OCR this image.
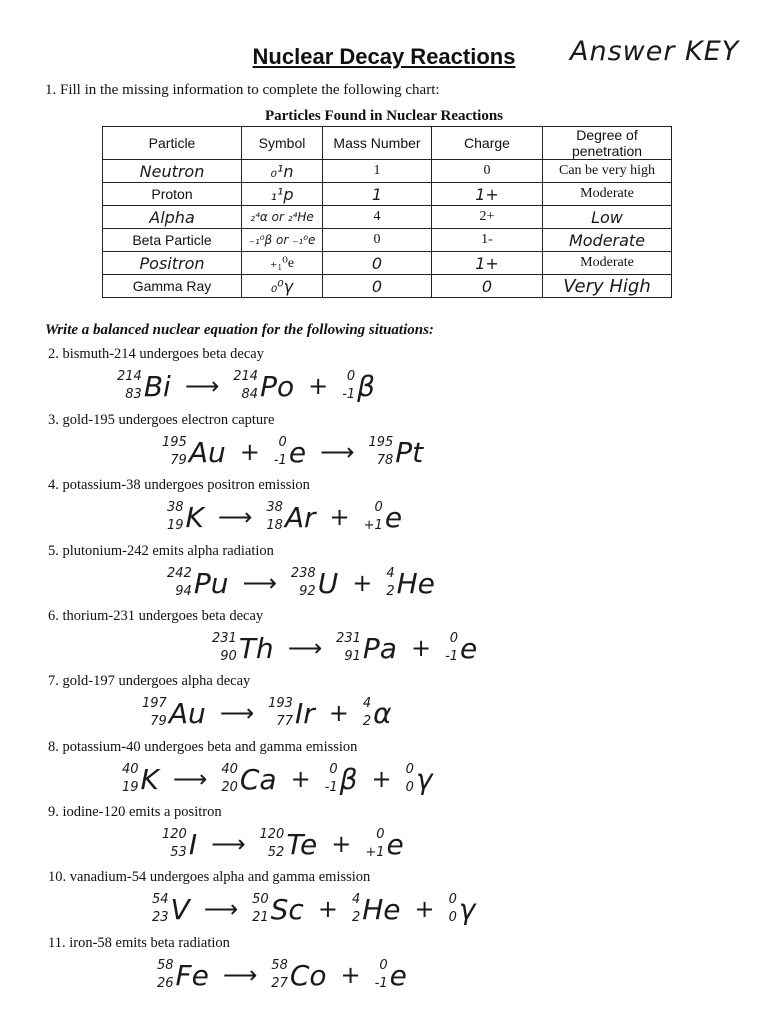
Nuclear Decay Reactions	Answer KEY
1. Fill in the missing information to complete the following chart:
Particles Found in Nuclear Reactions
Particle	Symbol	Mass Number	Charge	Degree of penetration
Neutron	₀¹n	1	0	Can be very high
Proton	₁¹p	1	1+	Moderate
Alpha	₂⁴α or ₂⁴He	4	2+	Low
Beta Particle	₋₁⁰β or ₋₁⁰e	0	1-	Moderate
Positron	₊₁⁰e	0	1+	Moderate
Gamma Ray	₀⁰γ	0	0	Very High
Write a balanced nuclear equation for the following situations:
2. bismuth-214 undergoes beta decay
214
83 Bi ⟶ 214
84 Po + 0
-1 β
3. gold-195 undergoes electron capture
195
79 Au + 0
-1 e ⟶ 195
78 Pt
4. potassium-38 undergoes positron emission
38
19 K ⟶ 38
18 Ar + 0
+1 e
5. plutonium-242 emits alpha radiation
242
94 Pu ⟶ 238
92 U + 4
2 He
6. thorium-231 undergoes beta decay
231
90 Th ⟶ 231
91 Pa + 0
-1 e
7. gold-197 undergoes alpha decay
197
79 Au ⟶ 193
77 Ir + 4
2 α
8. potassium-40 undergoes beta and gamma emission
40
19 K ⟶ 40
20 Ca + 0
-1 β + 0
0 γ
9. iodine-120 emits a positron
120
53 I ⟶ 120
52 Te + 0
+1 e
10. vanadium-54 undergoes alpha and gamma emission
54
23 V ⟶ 50
21 Sc + 4
2 He + 0
0 γ
11. iron-58 emits beta radiation
58
26 Fe ⟶ 58
27 Co + 0
-1 e
